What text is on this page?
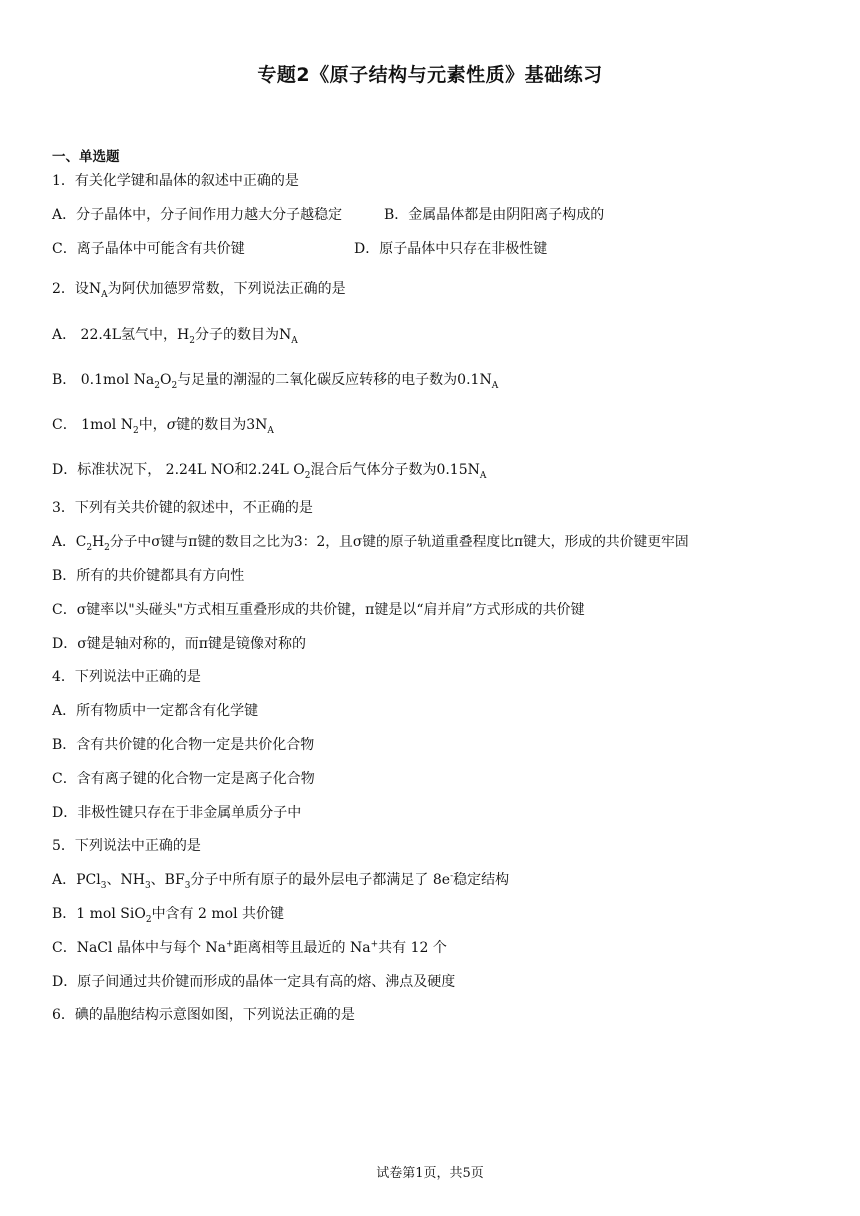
专题2《原子结构与元素性质》基础练习
一、单选题
1．有关化学键和晶体的叙述中正确的是
A．分子晶体中，分子间作用力越大分子越稳定	B．金属晶体都是由阴阳离子构成的
C．离子晶体中可能含有共价键	D．原子晶体中只存在非极性键
2．设$N_A$为阿伏加德罗常数，下列说法正确的是
A． 22.4L氢气中，$H_2$分子的数目为$N_A$
B． 0.1mol $Na_2O_2$与足量的潮湿的二氧化碳反应转移的电子数为$0.1N_A$
C． 1mol $N_2$中，σ键的数目为$3N_A$
D．标准状况下， 2.24L NO和2.24L $O_2$混合后气体分子数为$0.15N_A$
3．下列有关共价键的叙述中，不正确的是
A．$C_2H_2$分子中σ键与π键的数目之比为3：2，且σ键的原子轨道重叠程度比π键大，形成的共价键更牢固
B．所有的共价键都具有方向性
C．σ键率以"头碰头"方式相互重叠形成的共价键，π键是以“肩并肩”方式形成的共价键
D．σ键是轴对称的，而π键是镜像对称的
4．下列说法中正确的是
A．所有物质中一定都含有化学键
B．含有共价键的化合物一定是共价化合物
C．含有离子键的化合物一定是离子化合物
D．非极性键只存在于非金属单质分子中
5．下列说法中正确的是
A．PCl$_3$、$NH_3$、$BF_3$分子中所有原子的最外层电子都满足了 8e-稳定结构
B．1 mol SiO$_2$中含有 2 mol 共价键
C．NaCl 晶体中与每个 Na+距离相等且最近的 Na+共有 12 个
D．原子间通过共价键而形成的晶体一定具有高的熔、沸点及硬度
6．碘的晶胞结构示意图如图，下列说法正确的是
试卷第1页，共5页
